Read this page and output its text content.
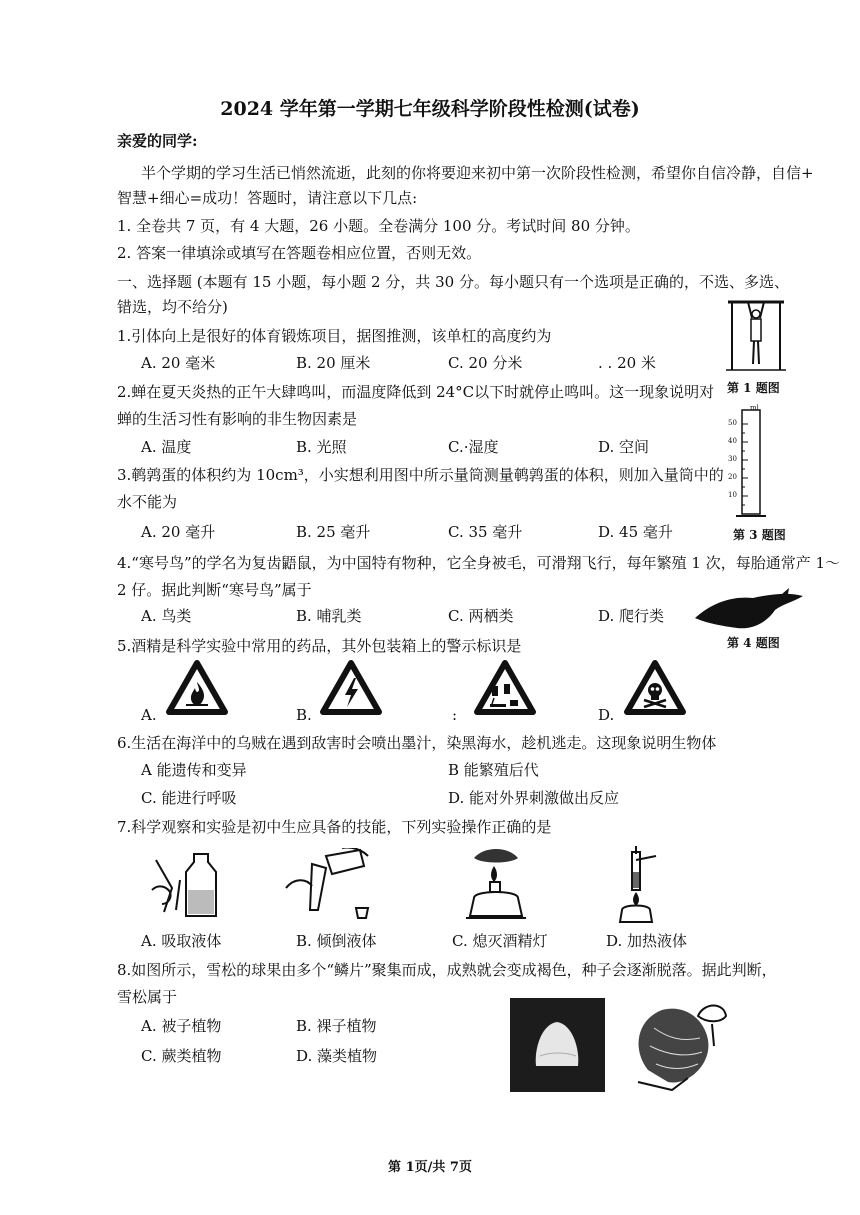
2024 学年第一学期七年级科学阶段性检测(试卷)
亲爱的同学:
半个学期的学习生活已悄然流逝，此刻的你将要迎来初中第一次阶段性检测，希望你自信冷静，自信+
智慧+细心=成功！答题时，请注意以下几点:
1. 全卷共 7 页，有 4 大题，26 小题。全卷满分 100 分。考试时间 80 分钟。
2. 答案一律填涂或填写在答题卷相应位置，否则无效。
一、选择题 (本题有 15 小题，每小题 2 分，共 30 分。每小题只有一个选项是正确的，不选、多选、
错选，均不给分)
1.引体向上是很好的体育锻炼项目，据图推测，该单杠的高度约为
A. 20 毫米	B. 20 厘米	C. 20 分米	. . 20 米
第 1 题图
2.蝉在夏天炎热的正午大肆鸣叫，而温度降低到 24°C以下时就停止鸣叫。这一现象说明对
蝉的生活习性有影响的非生物因素是
A. 温度	B. 光照	C.·湿度	D. 空间
ml
50
40
30
20
10
3.鹌鹑蛋的体积约为 10cm³，小实想利用图中所示量筒测量鹌鹑蛋的体积，则加入量筒中的
水不能为
A. 20 毫升	B. 25 毫升	C. 35 毫升	D. 45 毫升	第 3 题图
4.“寒号鸟”的学名为复齿鼯鼠，为中国特有物种，它全身被毛，可滑翔飞行，每年繁殖 1 次，每胎通常产 1～
2 仔。据此判断“寒号鸟”属于
A. 鸟类	B. 哺乳类	C. 两栖类	D. 爬行类
第 4 题图
5.酒精是科学实验中常用的药品，其外包装箱上的警示标识是
A.	B.	:	D.
6.生活在海洋中的乌贼在遇到敌害时会喷出墨汁，染黑海水，趁机逃走。这现象说明生物体
A 能遗传和变异	B 能繁殖后代
C. 能进行呼吸	D. 能对外界刺激做出反应
7.科学观察和实验是初中生应具备的技能，下列实验操作正确的是
A. 吸取液体	B. 倾倒液体	C. 熄灭酒精灯	D. 加热液体
8.如图所示，雪松的球果由多个“鳞片”聚集而成，成熟就会变成褐色，种子会逐渐脱落。据此判断，
雪松属于
A. 被子植物	B. 裸子植物
C. 蕨类植物	D. 藻类植物
第 1页/共 7页
